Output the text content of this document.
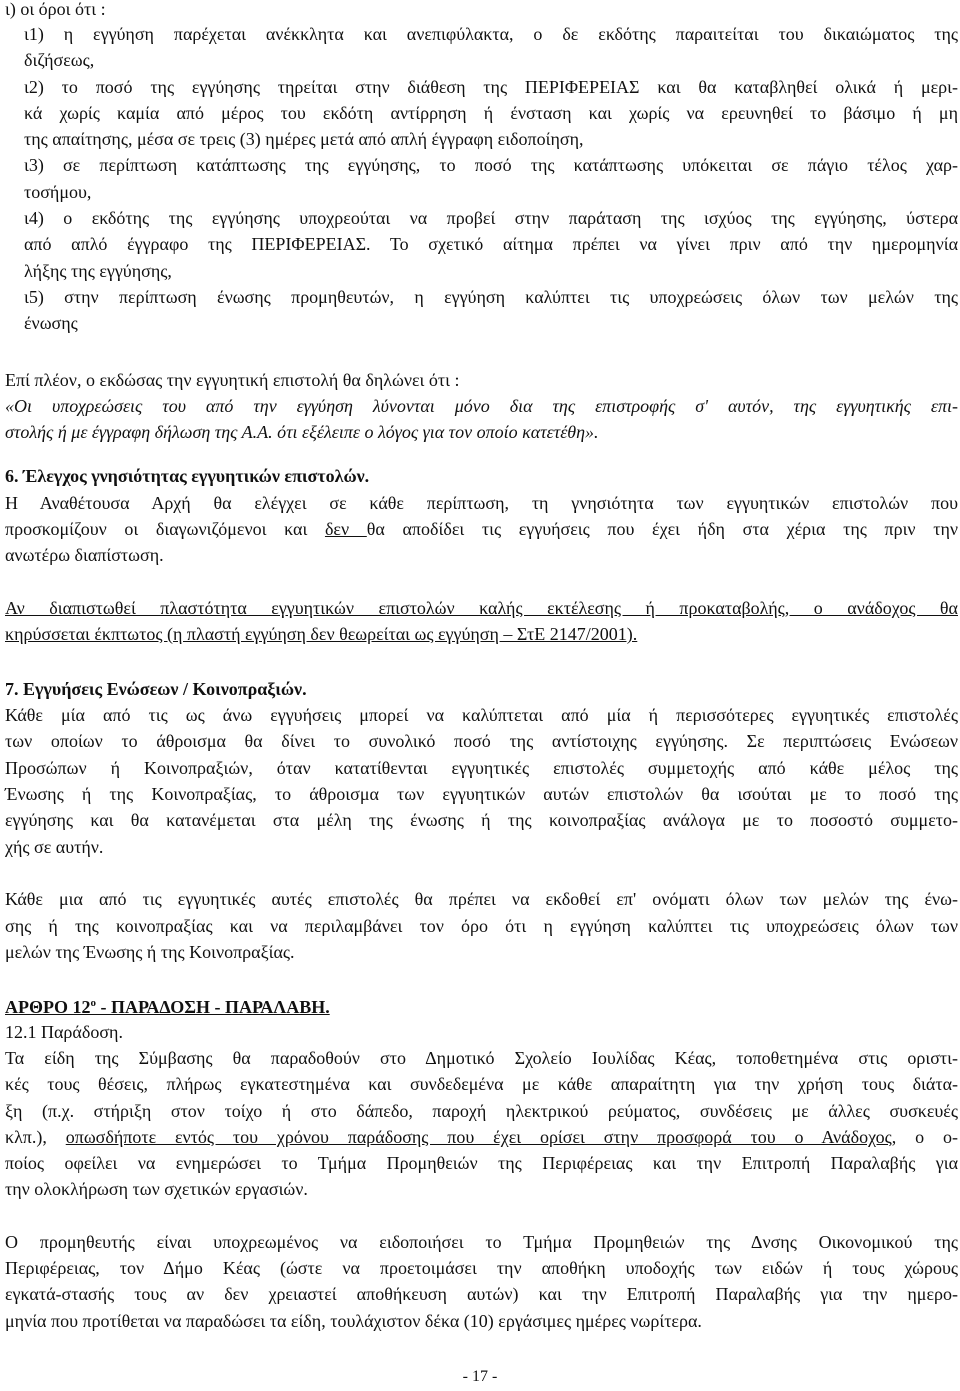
ι) οι όροι ότι :
ι1) η εγγύηση παρέχεται ανέκκλητα και ανεπιφύλακτα, ο δε εκδότης παραιτείται του δικαιώματος της
διζήσεως,
ι2) το ποσό της εγγύησης τηρείται στην διάθεση της ΠΕΡΙΦΕΡΕΙΑΣ και θα καταβληθεί ολικά ή μερι-
κά χωρίς καμία από μέρος του εκδότη αντίρρηση ή ένσταση και χωρίς να ερευνηθεί το βάσιμο ή μη
της απαίτησης, μέσα σε τρεις (3) ημέρες μετά από απλή έγγραφη ειδοποίηση,
ι3) σε περίπτωση κατάπτωσης της εγγύησης, το ποσό της κατάπτωσης υπόκειται σε πάγιο τέλος χαρ-
τοσήμου,
ι4) ο εκδότης της εγγύησης υποχρεούται να προβεί στην παράταση της ισχύος της εγγύησης, ύστερα
από απλό έγγραφο της ΠΕΡΙΦΕΡΕΙΑΣ. Το σχετικό αίτημα πρέπει να γίνει πριν από την ημερομηνία
λήξης της εγγύησης,
ι5) στην περίπτωση ένωσης προμηθευτών, η εγγύηση καλύπτει τις υποχρεώσεις όλων των μελών της
ένωσης
Επί πλέον, ο εκδώσας την εγγυητική επιστολή θα δηλώνει ότι :
«Οι υποχρεώσεις του από την εγγύηση λύνονται μόνο δια της επιστροφής σ' αυτόν, της εγγυητικής επι-
στολής ή με έγγραφη δήλωση της Α.Α. ότι εξέλειπε ο λόγος για τον οποίο κατετέθη».
6. Έλεγχος γνησιότητας εγγυητικών επιστολών.
Η Αναθέτουσα Αρχή θα ελέγχει σε κάθε περίπτωση, τη γνησιότητα των εγγυητικών επιστολών που
προσκομίζουν οι διαγωνιζόμενοι και δεν θα αποδίδει τις εγγυήσεις που έχει ήδη στα χέρια της πριν την
ανωτέρω διαπίστωση.
Αν διαπιστωθεί πλαστότητα εγγυητικών επιστολών καλής εκτέλεσης ή προκαταβολής, ο ανάδοχος θα
κηρύσσεται έκπτωτος (η πλαστή εγγύηση δεν θεωρείται ως εγγύηση – ΣτΕ 2147/2001).
7. Εγγυήσεις Ενώσεων / Κοινοπραξιών.
Κάθε μία από τις ως άνω εγγυήσεις μπορεί να καλύπτεται από μία ή περισσότερες εγγυητικές επιστολές
των οποίων το άθροισμα θα δίνει το συνολικό ποσό της αντίστοιχης εγγύησης. Σε περιπτώσεις Ενώσεων
Προσώπων ή Κοινοπραξιών, όταν κατατίθενται εγγυητικές επιστολές συμμετοχής από κάθε μέλος της
Ένωσης ή της Κοινοπραξίας, το άθροισμα των εγγυητικών αυτών επιστολών θα ισούται με το ποσό της
εγγύησης και θα κατανέμεται στα μέλη της ένωσης ή της κοινοπραξίας ανάλογα με το ποσοστό συμμετο-
χής σε αυτήν.
Κάθε μια από τις εγγυητικές αυτές επιστολές θα πρέπει να εκδοθεί επ' ονόματι όλων των μελών της ένω-
σης ή της κοινοπραξίας και να περιλαμβάνει τον όρο ότι η εγγύηση καλύπτει τις υποχρεώσεις όλων των
μελών της Ένωσης ή της Κοινοπραξίας.
ΑΡΘΡΟ $12^o$ - ΠΑΡΑΔΟΣΗ - ΠΑΡΑΛΑΒΗ.
12.1 Παράδοση.
Τα είδη της Σύμβασης θα παραδοθούν στο Δημοτικό Σχολείο Ιουλίδας Κέας, τοποθετημένα στις οριστι-
κές τους θέσεις, πλήρως εγκατεστημένα και συνδεδεμένα με κάθε απαραίτητη για την χρήση τους διάτα-
ξη (π.χ. στήριξη στον τοίχο ή στο δάπεδο, παροχή ηλεκτρικού ρεύματος, συνδέσεις με άλλες συσκευές
κλπ.), οπωσδήποτε εντός του χρόνου παράδοσης που έχει ορίσει στην προσφορά του ο Ανάδοχος, ο ο-
ποίος οφείλει να ενημερώσει το Τμήμα Προμηθειών της Περιφέρειας και την Επιτροπή Παραλαβής για
την ολοκλήρωση των σχετικών εργασιών.
Ο προμηθευτής είναι υποχρεωμένος να ειδοποιήσει το Τμήμα Προμηθειών της Δνσης Οικονομικού της
Περιφέρειας, τον Δήμο Κέας (ώστε να προετοιμάσει την αποθήκη υποδοχής των ειδών ή τους χώρους
εγκατά-στασής τους αν δεν χρειαστεί αποθήκευση αυτών) και την Επιτροπή Παραλαβής για την ημερο-
μηνία που προτίθεται να παραδώσει τα είδη, τουλάχιστον δέκα (10) εργάσιμες ημέρες νωρίτερα.
- 17 -
